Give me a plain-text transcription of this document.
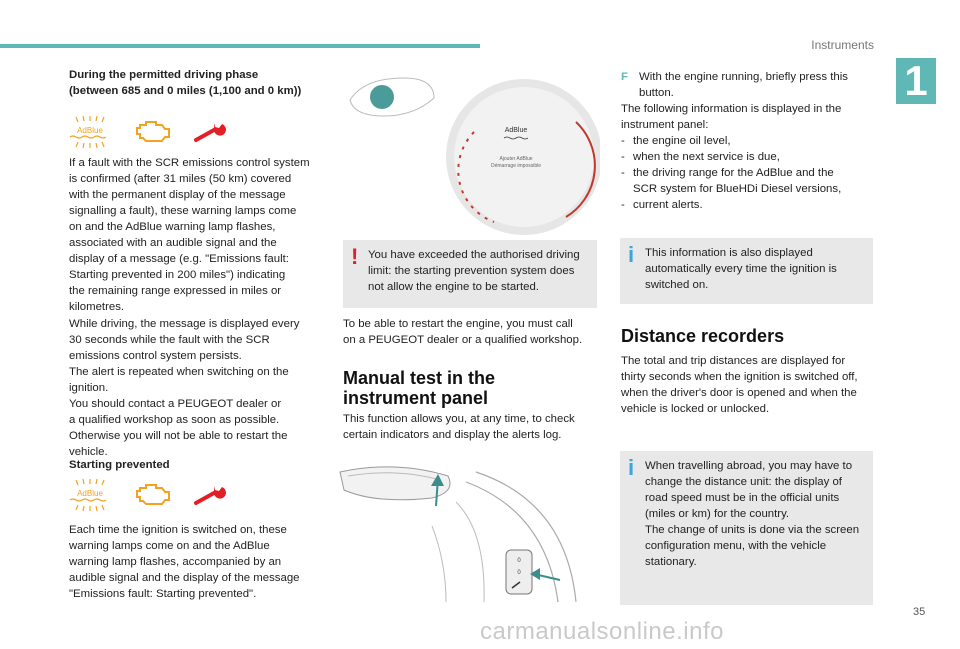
Instruments
1
During the permitted driving phase
(between 685 and 0 miles (1,100 and 0 km))
AdBlue
If a fault with the SCR emissions control system
is confirmed (after 31 miles (50 km) covered
with the permanent display of the message
signalling a fault), these warning lamps come
on and the AdBlue warning lamp flashes,
associated with an audible signal and the
display of a message (e.g. "Emissions fault:
Starting prevented in 200 miles") indicating
the remaining range expressed in miles or
kilometres.
While driving, the message is displayed every
30 seconds while the fault with the SCR
emissions control system persists.
The alert is repeated when switching on the
ignition.
You should contact a PEUGEOT dealer or
a qualified workshop as soon as possible.
Otherwise you will not be able to restart the
vehicle.
Starting prevented
AdBlue
Each time the ignition is switched on, these
warning lamps come on and the AdBlue
warning lamp flashes, accompanied by an
audible signal and the display of the message
"Emissions fault: Starting prevented".
AdBlue
Ajouter AdBlue
Démarrage impossible
! You have exceeded the authorised driving
limit: the starting prevention system does
not allow the engine to be started.
To be able to restart the engine, you must call
on a PEUGEOT dealer or a qualified workshop.
Manual test in the
instrument panel
This function allows you, at any time, to check
certain indicators and display the alerts log.
0
0
F With the engine running, briefly press this
button.
The following information is displayed in the
instrument panel:
- the engine oil level,
- when the next service is due,
- the driving range for the AdBlue and the
SCR system for BlueHDi Diesel versions,
- current alerts.
i This information is also displayed
automatically every time the ignition is
switched on.
Distance recorders
The total and trip distances are displayed for
thirty seconds when the ignition is switched off,
when the driver's door is opened and when the
vehicle is locked or unlocked.
i When travelling abroad, you may have to
change the distance unit: the display of
road speed must be in the official units
(miles or km) for the country.
The change of units is done via the screen
configuration menu, with the vehicle
stationary.
35
carmanualsonline.info
